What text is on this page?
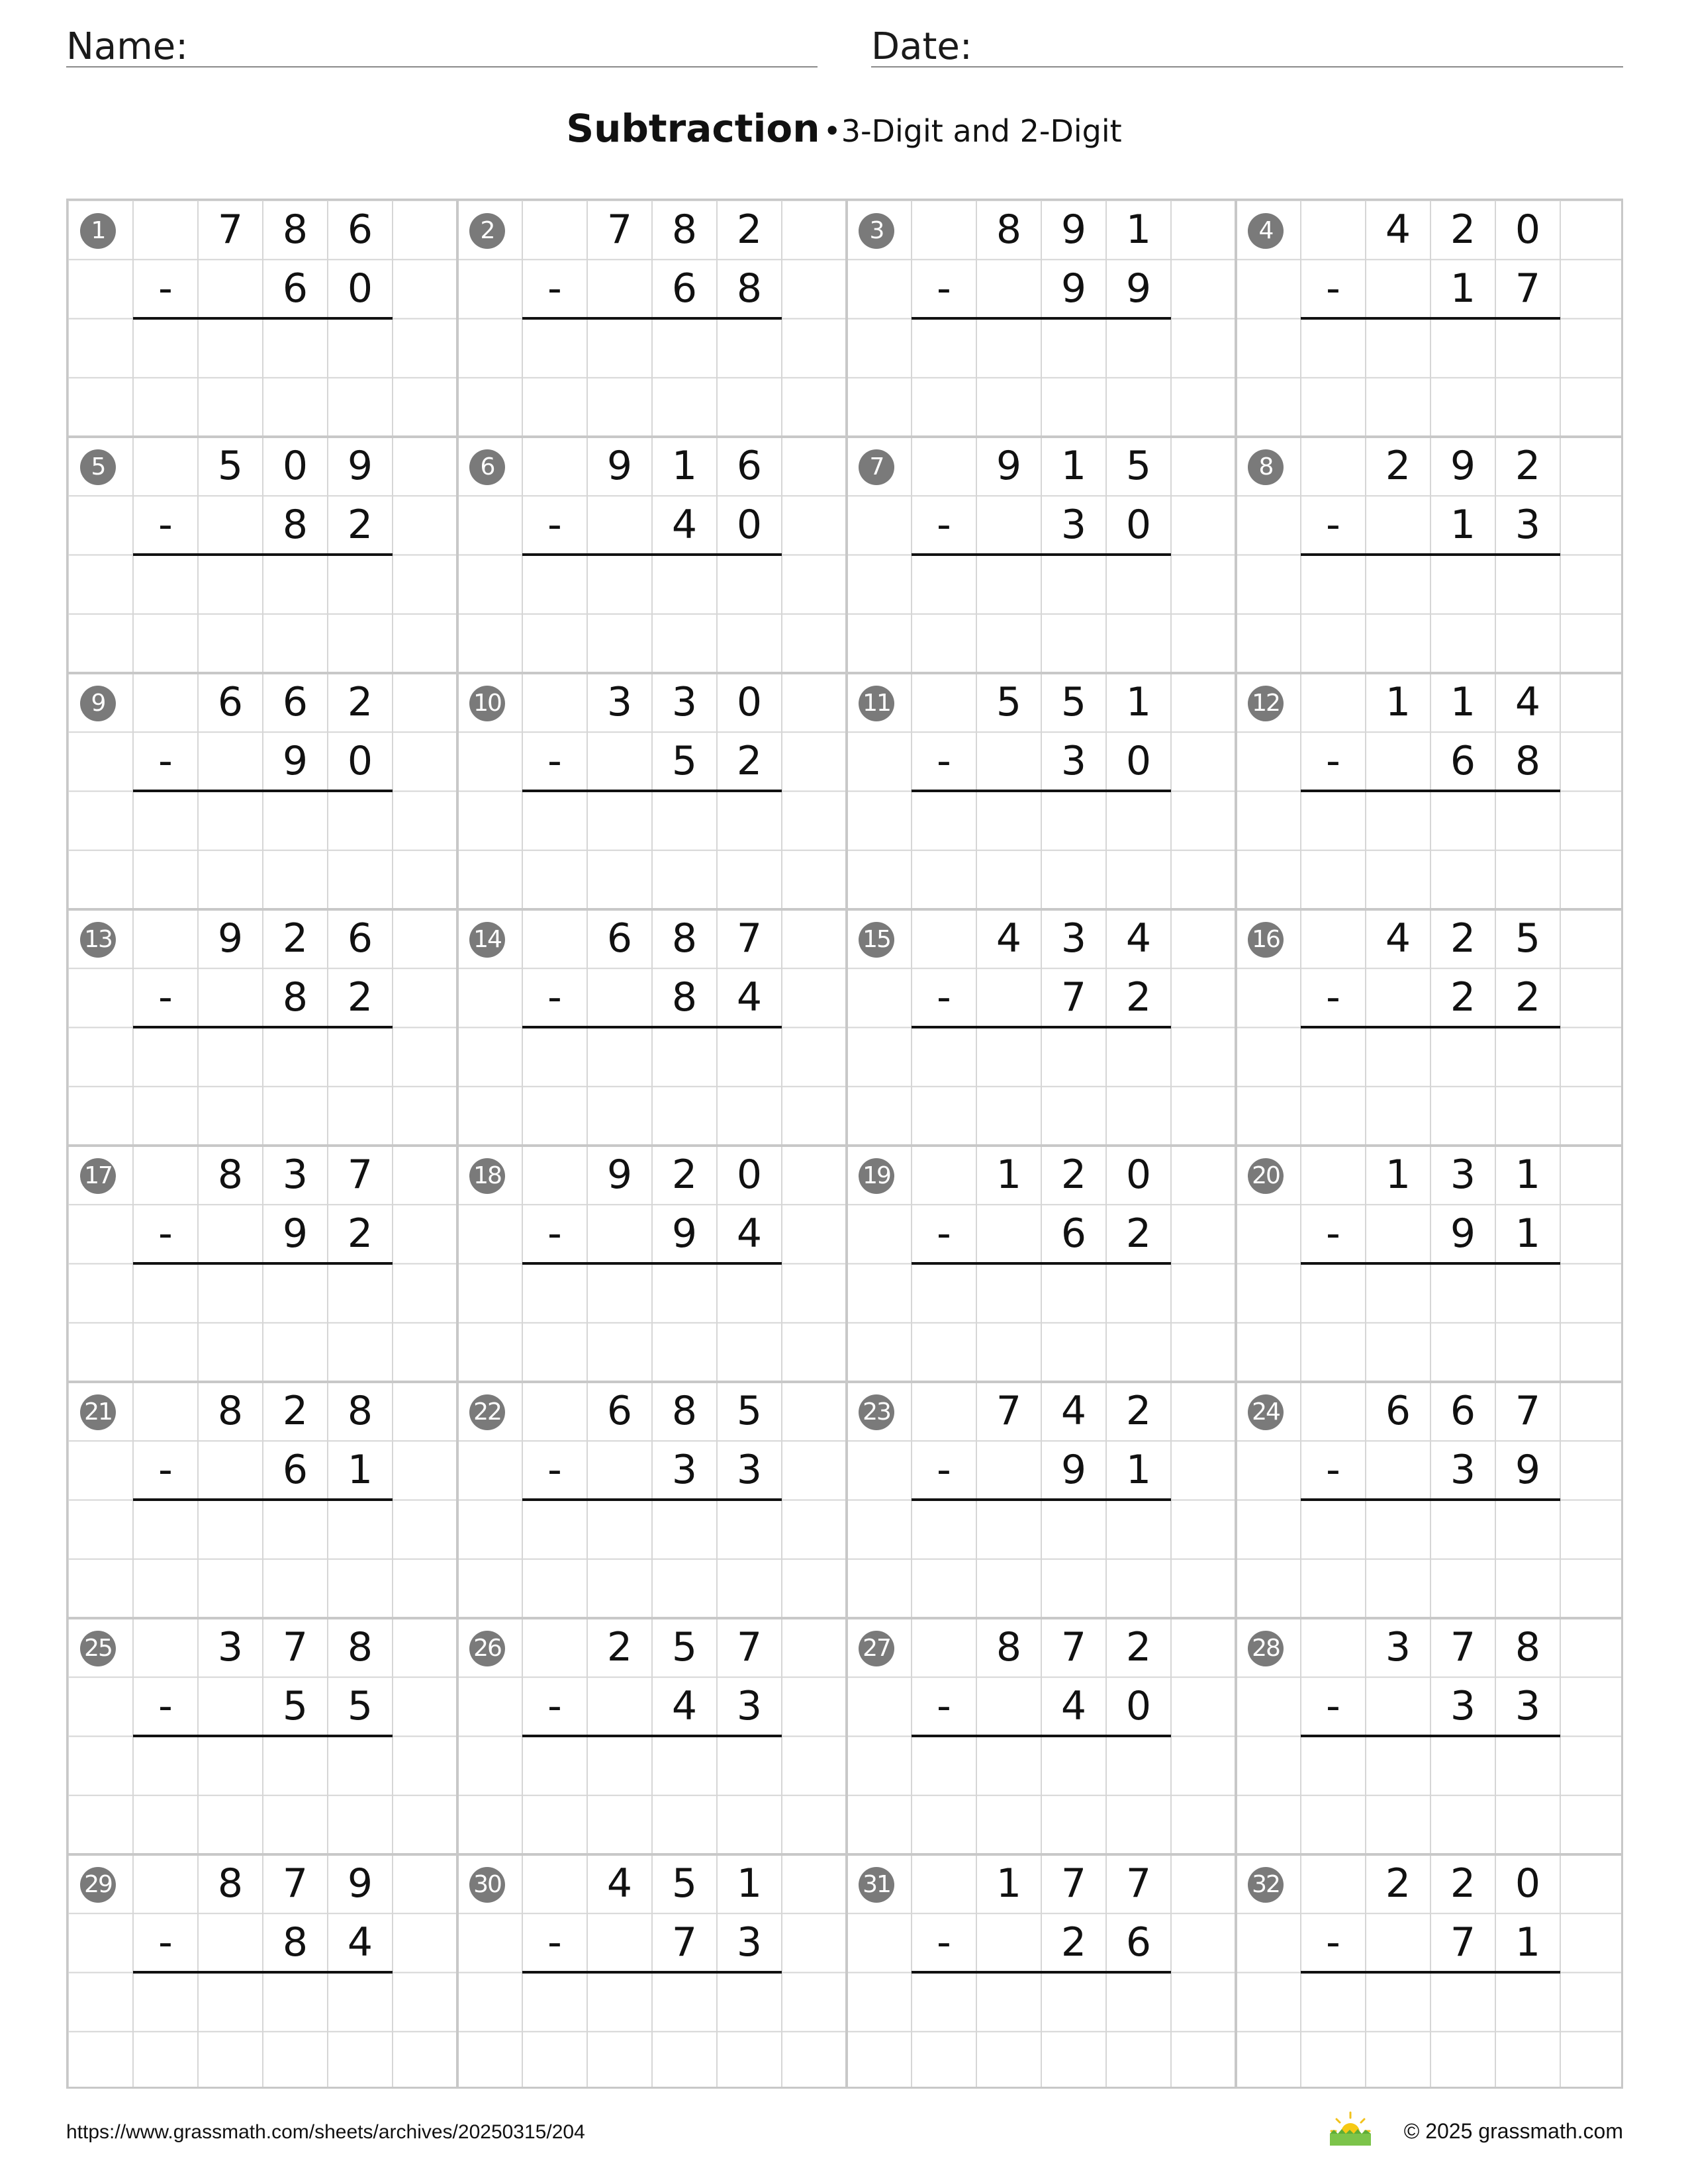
Name:	Date:
Subtraction •3-Digit and 2-Digit
1	7 8 6
-	6 0
2	7 8 2
-	6 8
3	8 9 1
-	9 9
4	4 2 0
-	1 7
5	5 0 9
-	8 2
6	9 1 6
-	4 0
7	9 1 5
-	3 0
8	2 9 2
-	1 3
9	6 6 2
-	9 0
10	3 3 0
-	5 2
11	5 5 1
-	3 0
12	1 1 4
-	6 8
13	9 2 6
-	8 2
14	6 8 7
-	8 4
15	4 3 4
-	7 2
16	4 2 5
-	2 2
17	8 3 7
-	9 2
18	9 2 0
-	9 4
19	1 2 0
-	6 2
20	1 3 1
-	9 1
21	8 2 8
-	6 1
22	6 8 5
-	3 3
23	7 4 2
-	9 1
24	6 6 7
-	3 9
25	3 7 8
-	5 5
26	2 5 7
-	4 3
27	8 7 2
-	4 0
28	3 7 8
-	3 3
29	8 7 9
-	8 4
30	4 5 1
-	7 3
31	1 7 7
-	2 6
32	2 2 0
-	7 1
https://www.grassmath.com/sheets/archives/20250315/204	© 2025 grassmath.com
